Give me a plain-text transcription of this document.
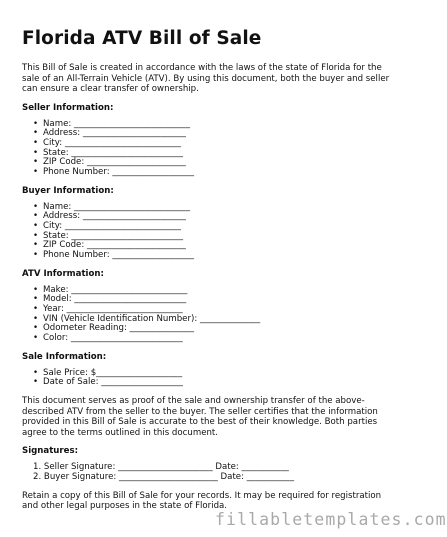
Florida ATV Bill of Sale

This Bill of Sale is created in accordance with the laws of the state of Florida for the sale of an All-Terrain Vehicle (ATV). By using this document, both the buyer and seller can ensure a clear transfer of ownership.

Seller Information:
• Name: ___________________________
• Address: ________________________
• City: ___________________________
• State: __________________________
• ZIP Code: _______________________
• Phone Number: ___________________
Buyer Information:
• Name: ___________________________
• Address: ________________________
• City: ___________________________
• State: __________________________
• ZIP Code: _______________________
• Phone Number: ___________________
ATV Information:
• Make: ___________________________
• Model: __________________________
• Year: ___________________________
• VIN (Vehicle Identification Number): ______________
• Odometer Reading: _______________
• Color: __________________________
Sale Information:
• Sale Price: $____________________
• Date of Sale: ___________________

This document serves as proof of the sale and ownership transfer of the above-described ATV from the seller to the buyer. The seller certifies that the information provided in this Bill of Sale is accurate to the best of their knowledge. Both parties agree to the terms outlined in this document.

Signatures:
1. Seller Signature: ______________________ Date: ___________
2. Buyer Signature: _______________________ Date: ___________

Retain a copy of this Bill of Sale for your records. It may be required for registration and other legal purposes in the state of Florida.

fillabletemplates.com
